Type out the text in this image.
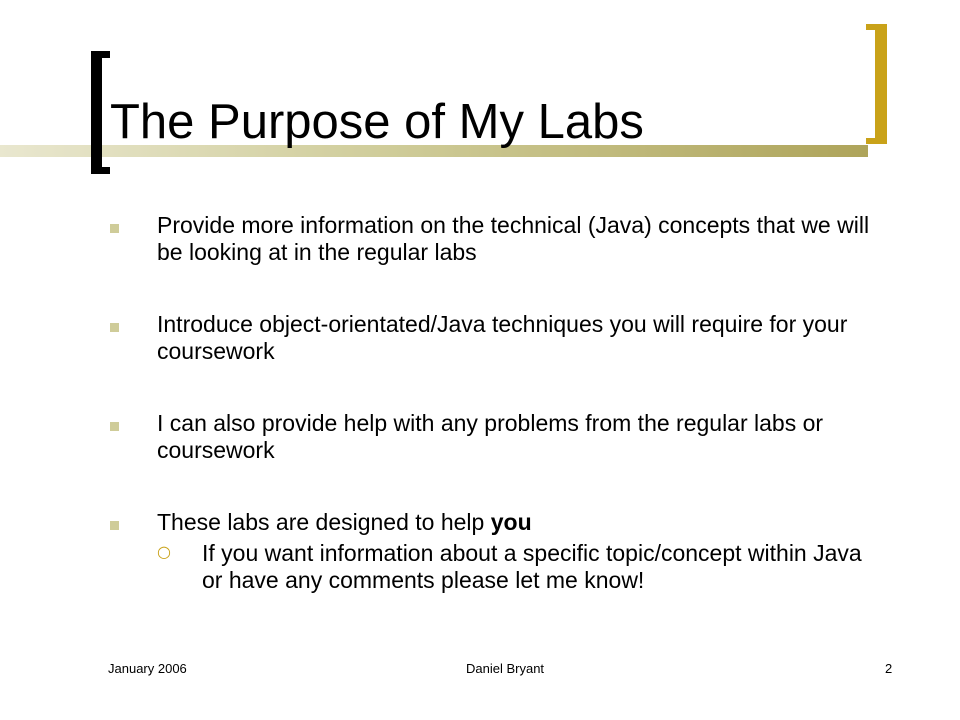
The Purpose of My Labs
Provide more information on the technical (Java) concepts that we will be looking at in the regular labs
Introduce object-orientated/Java techniques you will require for your coursework
I can also provide help with any problems from the regular labs or coursework
These labs are designed to help you
○ If you want information about a specific topic/concept within Java or have any comments please let me know!
January 2006	Daniel Bryant	2
